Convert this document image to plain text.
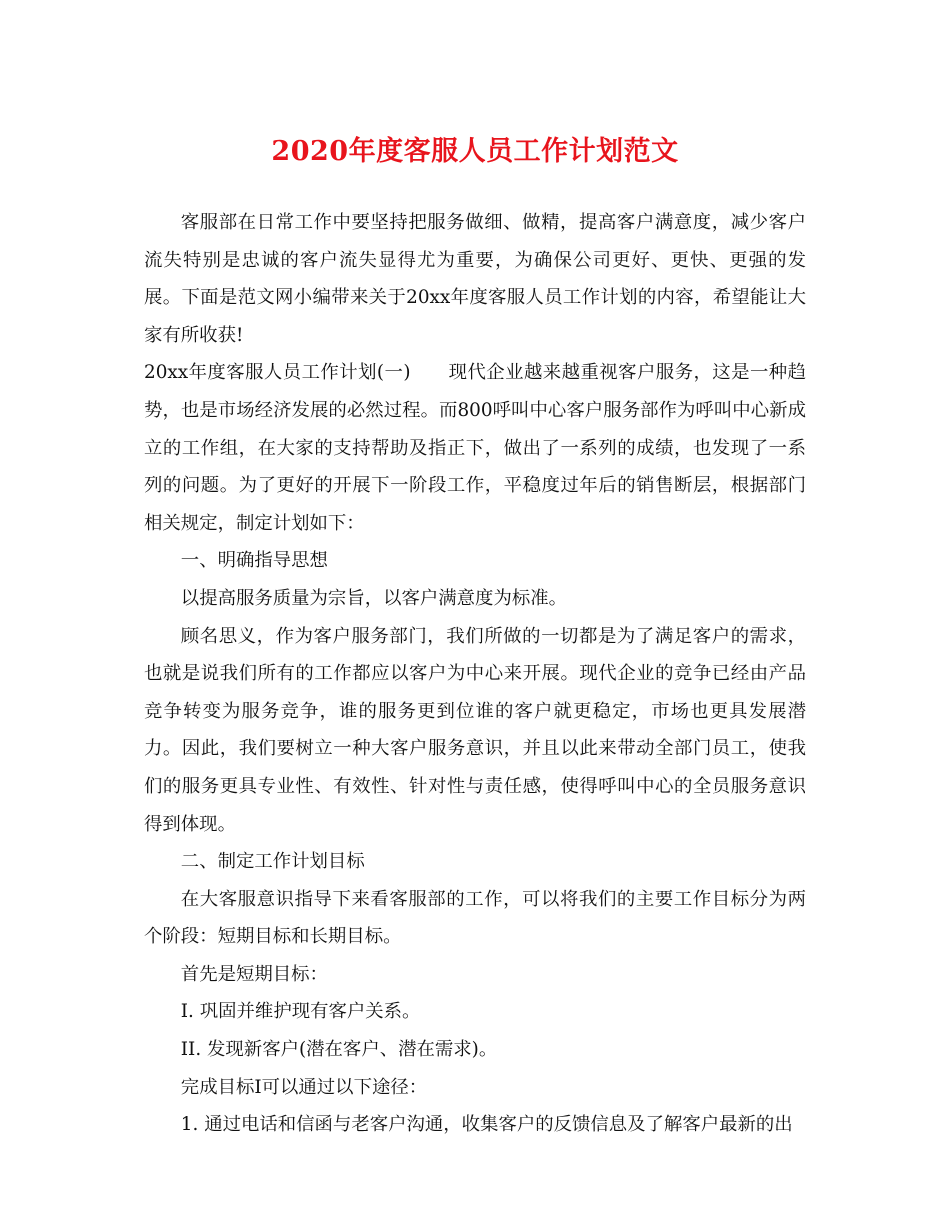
2020年度客服人员工作计划范文

客服部在日常工作中要坚持把服务做细、做精，提高客户满意度，减少客户流失特别是忠诚的客户流失显得尤为重要，为确保公司更好、更快、更强的发展。下面是范文网小编带来关于20xx年度客服人员工作计划的内容，希望能让大家有所收获!

20xx年度客服人员工作计划(一)　　现代企业越来越重视客户服务，这是一种趋势，也是市场经济发展的必然过程。而800呼叫中心客户服务部作为呼叫中心新成立的工作组，在大家的支持帮助及指正下，做出了一系列的成绩，也发现了一系列的问题。为了更好的开展下一阶段工作，平稳度过年后的销售断层，根据部门相关规定，制定计划如下：

一、明确指导思想

以提高服务质量为宗旨，以客户满意度为标准。

顾名思义，作为客户服务部门，我们所做的一切都是为了满足客户的需求，也就是说我们所有的工作都应以客户为中心来开展。现代企业的竞争已经由产品竞争转变为服务竞争，谁的服务更到位谁的客户就更稳定，市场也更具发展潜力。因此，我们要树立一种大客户服务意识，并且以此来带动全部门员工，使我们的服务更具专业性、有效性、针对性与责任感，使得呼叫中心的全员服务意识得到体现。

二、制定工作计划目标

在大客服意识指导下来看客服部的工作，可以将我们的主要工作目标分为两个阶段：短期目标和长期目标。

首先是短期目标：

I. 巩固并维护现有客户关系。

II. 发现新客户(潜在客户、潜在需求)。

完成目标I可以通过以下途径：

1. 通过电话和信函与老客户沟通，收集客户的反馈信息及了解客户最新的出
